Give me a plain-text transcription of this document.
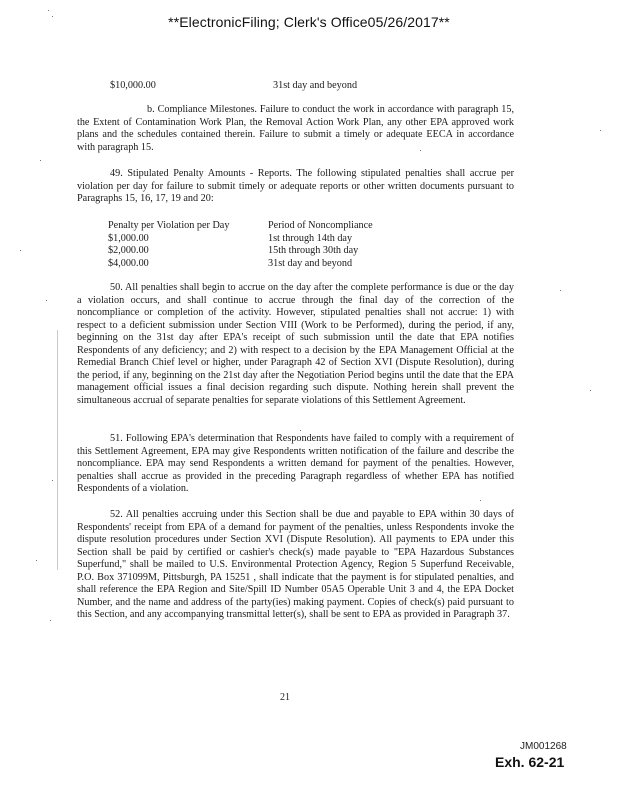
**ElectronicFiling; Clerk's Office05/26/2017**
$10,000.00	31st day and beyond
b. Compliance Milestones. Failure to conduct the work in accordance with paragraph 15, the Extent of Contamination Work Plan, the Removal Action Work Plan, any other EPA approved work plans and the schedules contained therein. Failure to submit a timely or adequate EECA in accordance with paragraph 15.
49. Stipulated Penalty Amounts - Reports. The following stipulated penalties shall accrue per violation per day for failure to submit timely or adequate reports or other written documents pursuant to Paragraphs 15, 16, 17, 19 and 20:
Penalty per Violation per Day	Period of Noncompliance
$1,000.00	1st through 14th day
$2,000.00	15th through 30th day
$4,000.00	31st day and beyond
50. All penalties shall begin to accrue on the day after the complete performance is due or the day a violation occurs, and shall continue to accrue through the final day of the correction of the noncompliance or completion of the activity. However, stipulated penalties shall not accrue: 1) with respect to a deficient submission under Section VIII (Work to be Performed), during the period, if any, beginning on the 31st day after EPA's receipt of such submission until the date that EPA notifies Respondents of any deficiency; and 2) with respect to a decision by the EPA Management Official at the Remedial Branch Chief level or higher, under Paragraph 42 of Section XVI (Dispute Resolution), during the period, if any, beginning on the 21st day after the Negotiation Period begins until the date that the EPA management official issues a final decision regarding such dispute. Nothing herein shall prevent the simultaneous accrual of separate penalties for separate violations of this Settlement Agreement.
51. Following EPA's determination that Respondents have failed to comply with a requirement of this Settlement Agreement, EPA may give Respondents written notification of the failure and describe the noncompliance. EPA may send Respondents a written demand for payment of the penalties. However, penalties shall accrue as provided in the preceding Paragraph regardless of whether EPA has notified Respondents of a violation.
52. All penalties accruing under this Section shall be due and payable to EPA within 30 days of Respondents' receipt from EPA of a demand for payment of the penalties, unless Respondents invoke the dispute resolution procedures under Section XVI (Dispute Resolution). All payments to EPA under this Section shall be paid by certified or cashier's check(s) made payable to "EPA Hazardous Substances Superfund," shall be mailed to U.S. Environmental Protection Agency, Region 5 Superfund Receivable, P.O. Box 371099M, Pittsburgh, PA 15251 , shall indicate that the payment is for stipulated penalties, and shall reference the EPA Region and Site/Spill ID Number 05A5 Operable Unit 3 and 4, the EPA Docket Number, and the name and address of the party(ies) making payment. Copies of check(s) paid pursuant to this Section, and any accompanying transmittal letter(s), shall be sent to EPA as provided in Paragraph 37.
21
JM001268
Exh. 62-21
